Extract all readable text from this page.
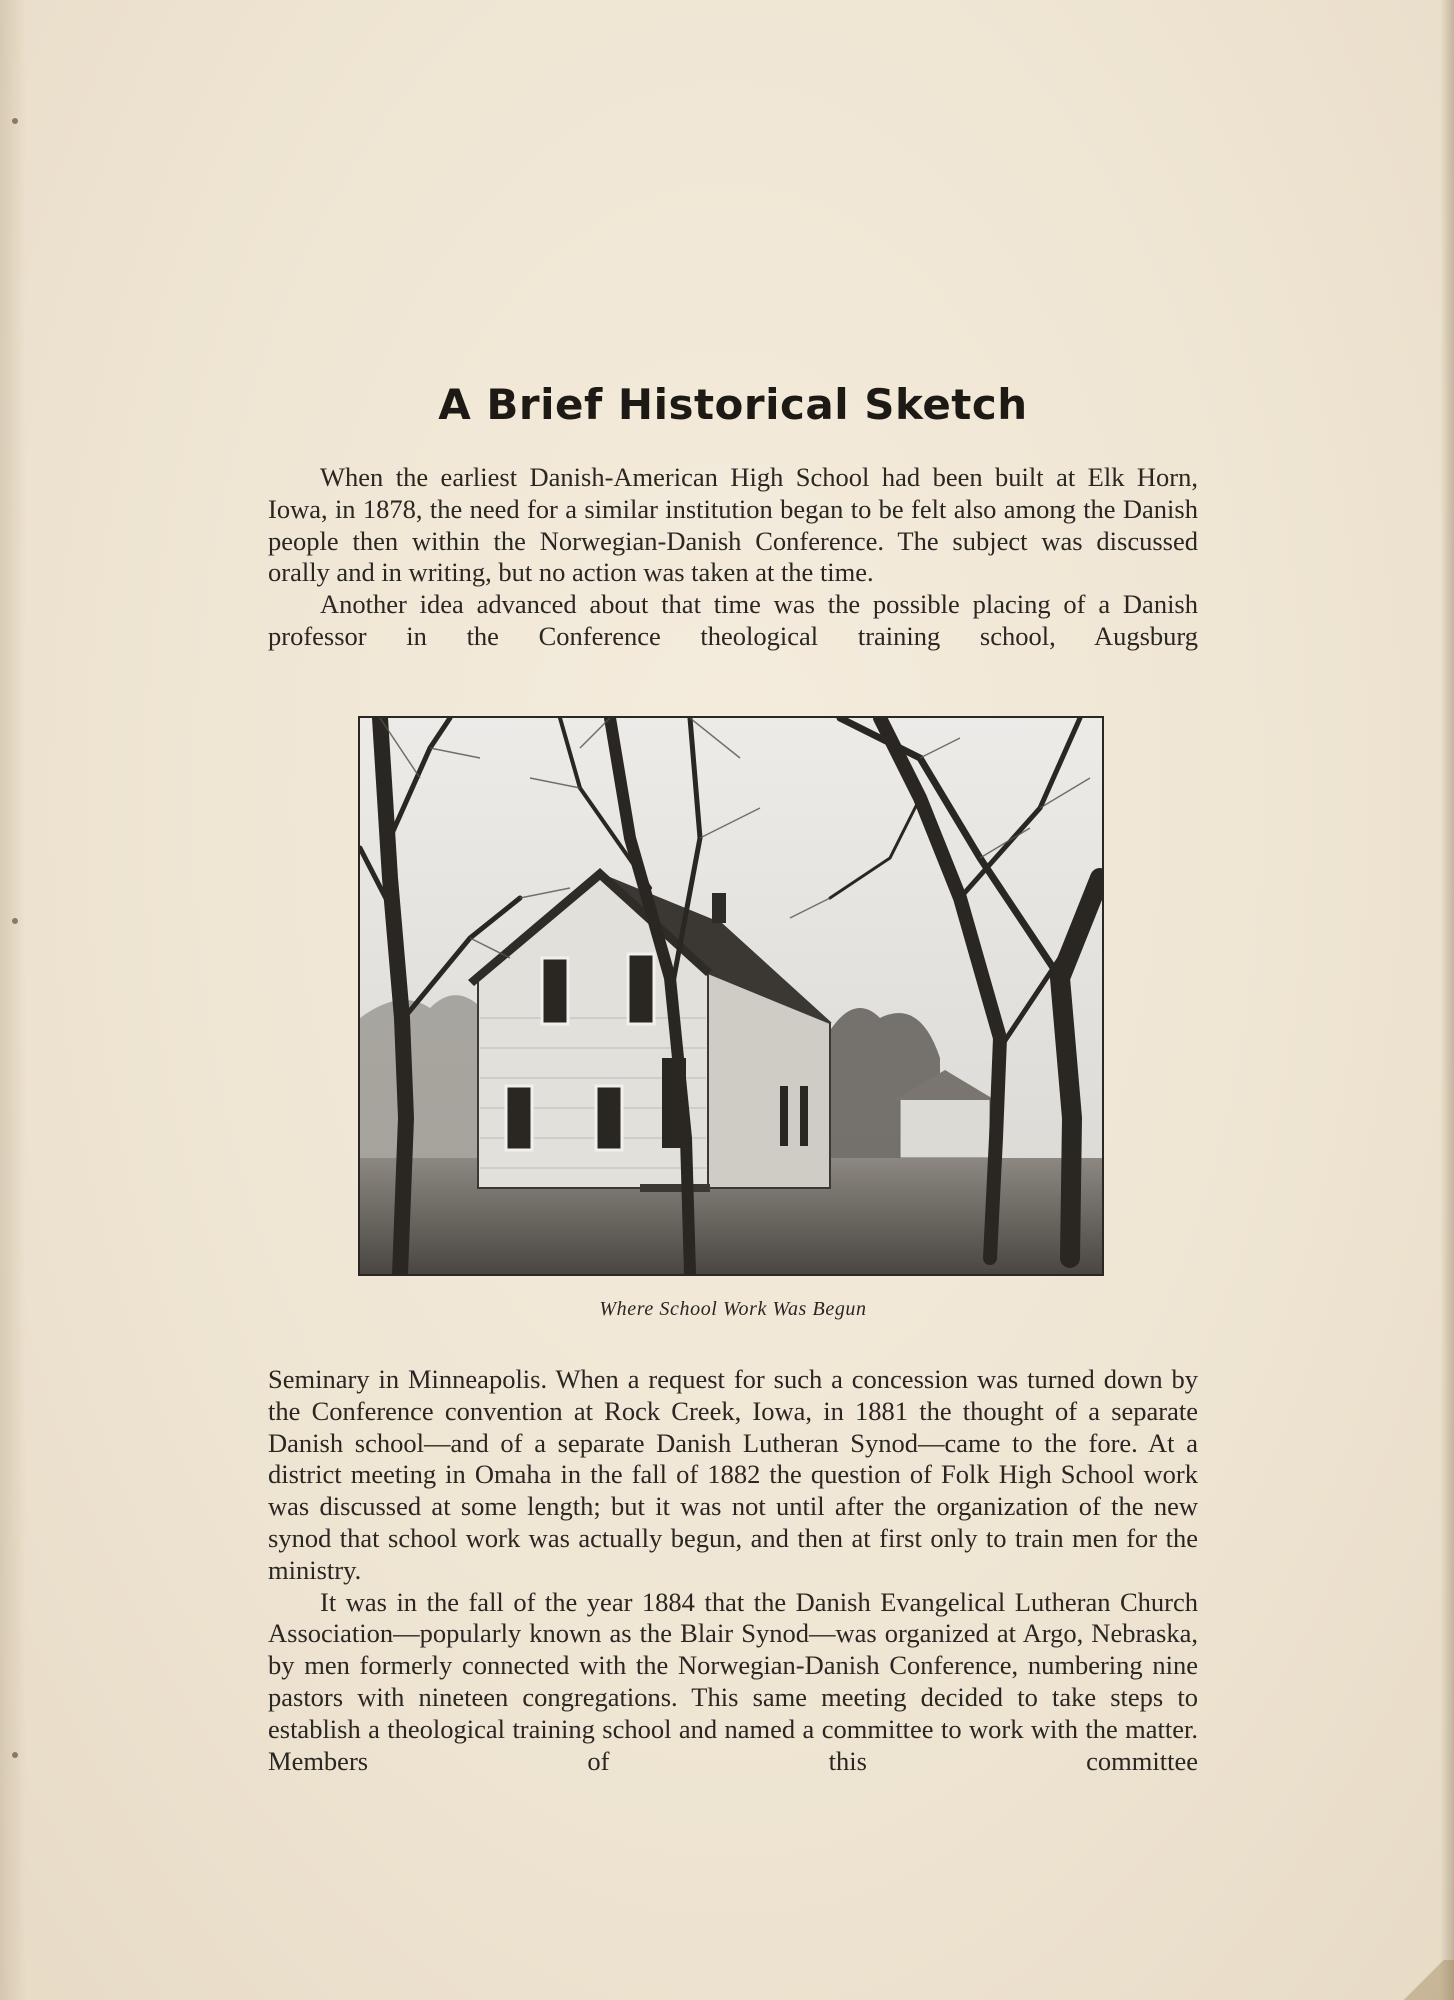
A Brief Historical Sketch

When the earliest Danish-American High School had been built at Elk Horn, Iowa, in 1878, the need for a similar institution began to be felt also among the Danish people then within the Norwegian-Danish Conference. The subject was discussed orally and in writing, but no action was taken at the time.

Another idea advanced about that time was the possible placing of a Danish professor in the Conference theological training school, Augsburg

Where School Work Was Begun

Seminary in Minneapolis. When a request for such a concession was turned down by the Conference convention at Rock Creek, Iowa, in 1881 the thought of a separate Danish school—and of a separate Danish Lutheran Synod—came to the fore. At a district meeting in Omaha in the fall of 1882 the question of Folk High School work was discussed at some length; but it was not until after the organization of the new synod that school work was actually begun, and then at first only to train men for the ministry.

It was in the fall of the year 1884 that the Danish Evangelical Lutheran Church Association—popularly known as the Blair Synod—was organized at Argo, Nebraska, by men formerly connected with the Norwegian-Danish Conference, numbering nine pastors with nineteen congregations. This same meeting decided to take steps to establish a theological training school and named a committee to work with the matter. Members of this committee
